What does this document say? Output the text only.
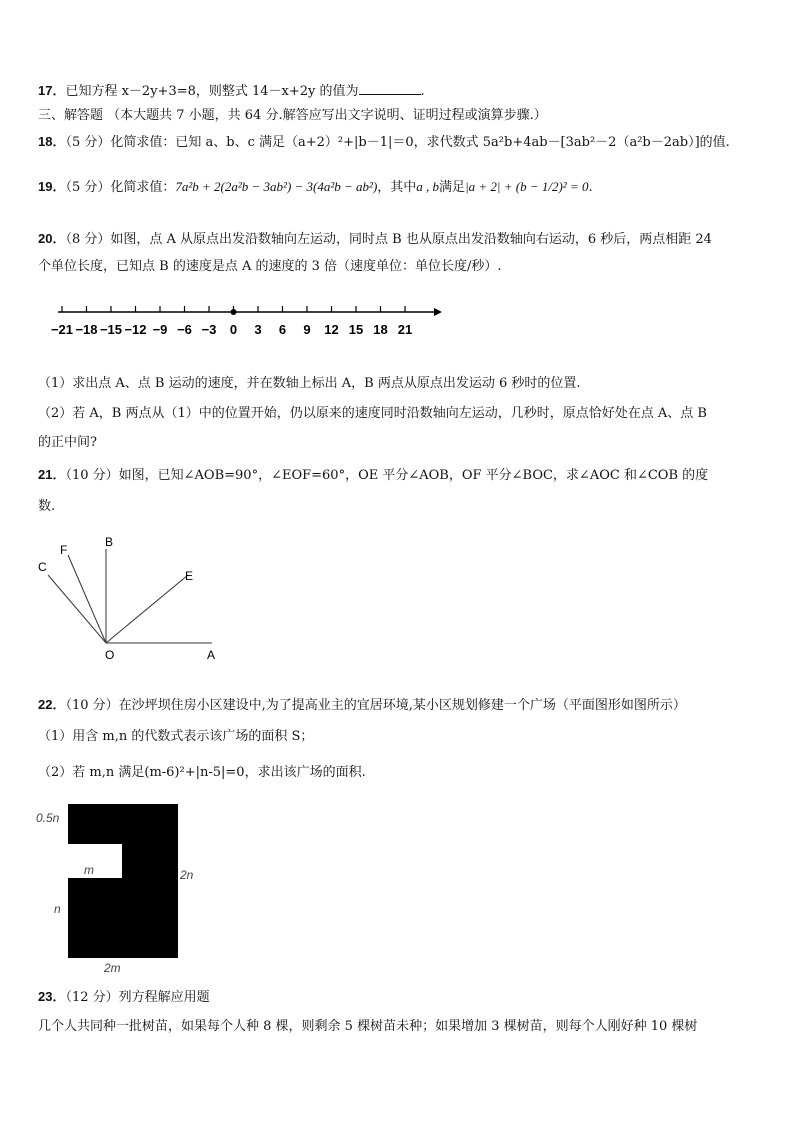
17．已知方程 x－2y+3=8，则整式 14－x+2y 的值为	.
三、解答题 （本大题共 7 小题，共 64 分.解答应写出文字说明、证明过程或演算步骤.）
18．（5 分）化简求值：已知 a、b、c 满足（a+2）²+|b－1|＝0，求代数式 5a²b+4ab－[3ab²－2（a²b－2ab）]的值.
19．（5 分）化简求值：7a²b + 2(2a²b − 3ab²) − 3(4a²b − ab²)，其中a , b满足|a + 2| + (b − 1/2)² = 0.
20．（8 分）如图，点 A 从原点出发沿数轴向左运动，同时点 B 也从原点出发沿数轴向右运动，6 秒后，两点相距 24
个单位长度，已知点 B 的速度是点 A 的速度的 3 倍（速度单位：单位长度/秒）.
−21 −18 −15 −12 −9 −6 −3 0 3 6 9 12 15 18 21
（1）求出点 A、点 B 运动的速度，并在数轴上标出 A，B 两点从原点出发运动 6 秒时的位置.
（2）若 A，B 两点从（1）中的位置开始，仍以原来的速度同时沿数轴向左运动，几秒时，原点恰好处在点 A、点 B
的正中间?
21．（10 分）如图，已知∠AOB=90°，∠EOF=60°，OE 平分∠AOB，OF 平分∠BOC，求∠AOC 和∠COB 的度
数.
C
F
B
E
O	A
22．（10 分）在沙坪坝住房小区建设中,为了提高业主的宜居环境,某小区规划修建一个广场（平面图形如图所示）
（1）用含 m,n 的代数式表示该广场的面积 S；
（2）若 m,n 满足(m-6)²+|n-5|=0，求出该广场的面积.
0.5n
m	2n
n
2m
23．（12 分）列方程解应用题
几个人共同种一批树苗，如果每个人种 8 棵，则剩余 5 棵树苗未种；如果增加 3 棵树苗，则每个人刚好种 10 棵树
